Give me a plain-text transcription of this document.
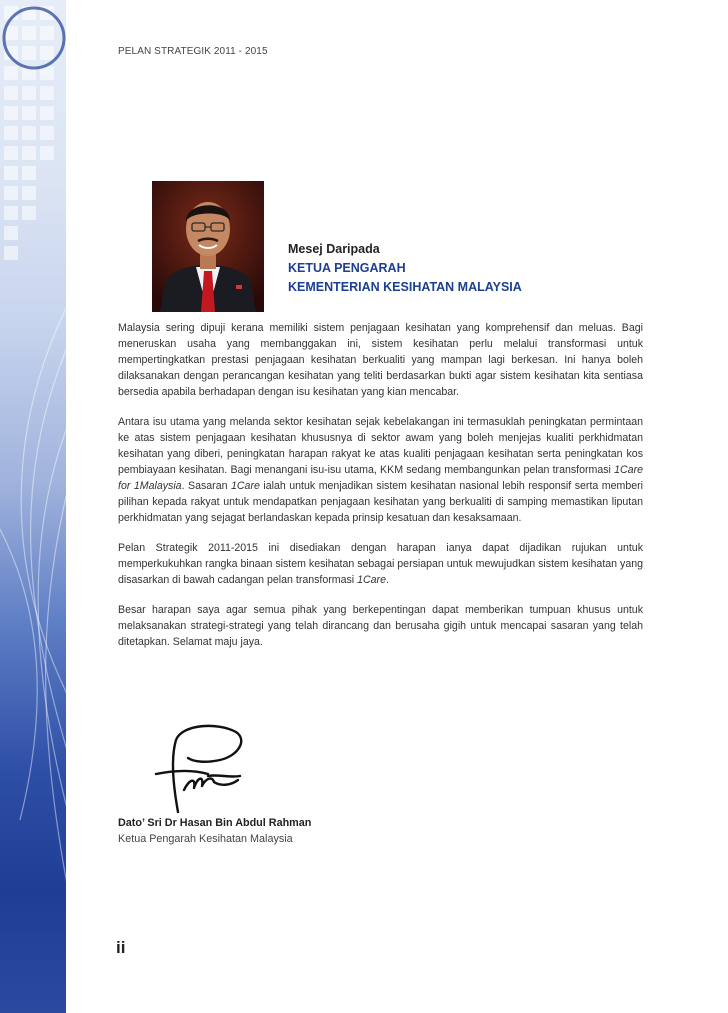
PELAN STRATEGIK 2011 - 2015
Mesej Daripada
KETUA PENGARAH
KEMENTERIAN KESIHATAN MALAYSIA

Malaysia sering dipuji kerana memiliki sistem penjagaan kesihatan yang komprehensif dan meluas. Bagi meneruskan usaha yang membanggakan ini, sistem kesihatan perlu melalui transformasi untuk mempertingkatkan prestasi penjagaan kesihatan berkualiti yang mampan lagi berkesan. Ini hanya boleh dilaksanakan dengan perancangan kesihatan yang teliti berdasarkan bukti agar sistem kesihatan kita sentiasa bersedia apabila berhadapan dengan isu kesihatan yang kian mencabar.

Antara isu utama yang melanda sektor kesihatan sejak kebelakangan ini termasuklah peningkatan permintaan ke atas sistem penjagaan kesihatan khususnya di sektor awam yang boleh menjejas kualiti perkhidmatan kesihatan yang diberi, peningkatan harapan rakyat ke atas kualiti penjagaan kesihatan serta peningkatan kos pembiayaan kesihatan. Bagi menangani isu-isu utama, KKM sedang membangunkan pelan transformasi 1Care for 1Malaysia. Sasaran 1Care ialah untuk menjadikan sistem kesihatan nasional lebih responsif serta memberi pilihan kepada rakyat untuk mendapatkan penjagaan kesihatan yang berkualiti di samping memastikan liputan perkhidmatan yang sejagat berlandaskan kepada prinsip kesatuan dan kesaksamaan.

Pelan Strategik 2011-2015 ini disediakan dengan harapan ianya dapat dijadikan rujukan untuk memperkukuhkan rangka binaan sistem kesihatan sebagai persiapan untuk mewujudkan sistem kesihatan yang disasarkan di bawah cadangan pelan transformasi 1Care.

Besar harapan saya agar semua pihak yang berkepentingan dapat memberikan tumpuan khusus untuk melaksanakan strategi-strategi yang telah dirancang dan berusaha gigih untuk mencapai sasaran yang telah ditetapkan. Selamat maju jaya.

Dato’ Sri Dr Hasan Bin Abdul Rahman
Ketua Pengarah Kesihatan Malaysia
ii
